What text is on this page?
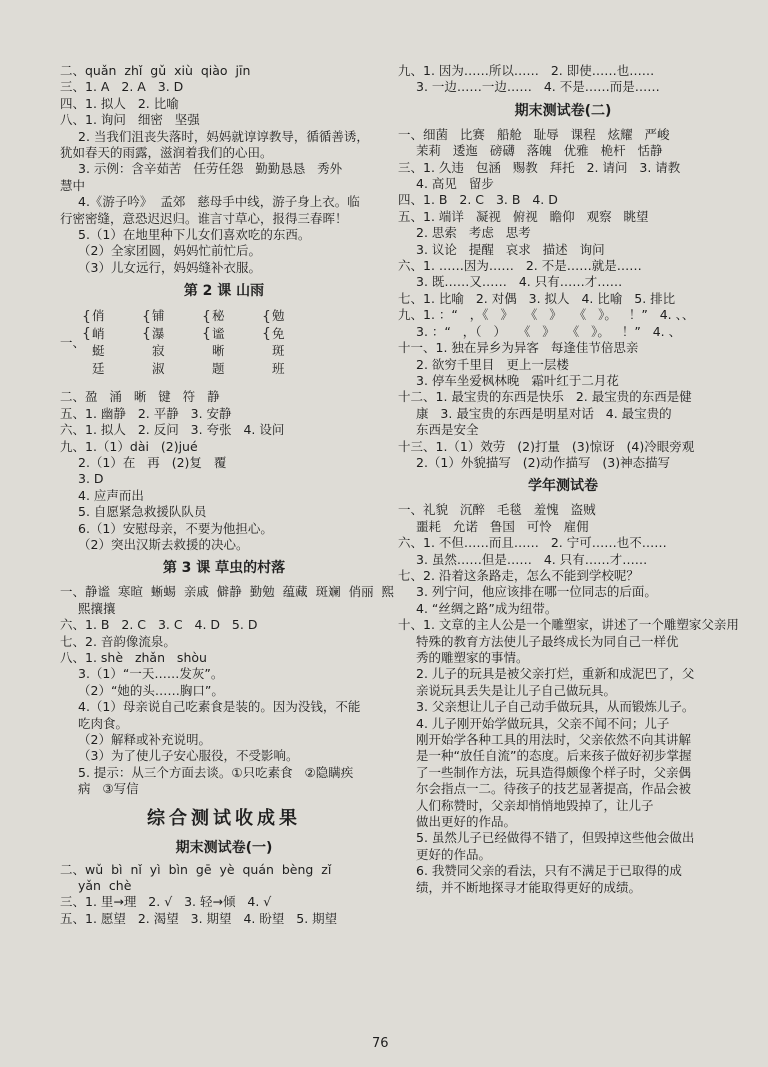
二、quǎn  zhǐ  gǔ  xiù  qiào  jīn
三、1. A   2. A   3. D
四、1. 拟人   2. 比喻
八、1. 询问   细密   坚强
2. 当我们沮丧失落时，妈妈就谆谆教导，循循善诱，
犹如春天的雨露，滋润着我们的心田。
3. 示例：含辛茹苦   任劳任怨   勤勤恳恳   秀外
慧中
4.《游子吟》  孟郊   慈母手中线，游子身上衣。临
行密密缝，意恐迟迟归。谁言寸草心，报得三春晖！
5.（1）在地里种下儿女们喜欢吃的东西。
（2）全家团圆，妈妈忙前忙后。
（3）儿女远行，妈妈缝补衣服。
第 2 课 山雨
一、
{
{
俏
峭
蜓
廷
{
{
铺
瀑
寂
淑
{
{
秘
谧
晰
题
{
{
勉
免
斑
班
二、盈   涌   晰   键   符   静
五、1. 幽静   2. 平静   3. 安静
六、1. 拟人   2. 反问   3. 夸张   4. 设问
九、1.（1）dài   (2)jué
2.（1）在   再   (2)复   覆
3. D
4. 应声而出
5. 自愿紧急救援队队员
6.（1）安慰母亲，不要为他担心。
（2）突出汉斯去救援的决心。
第 3 课 草虫的村落
一、静谧  寒暄  蜥蜴  亲戚  僻静  勤勉  蕴藏  斑斓  俏丽  熙
熙攘攘
六、1. B   2. C   3. C   4. D   5. D
七、2. 音韵像流泉。
八、1. shè   zhǎn   shòu
3.（1）“一天……发灰”。
（2）“她的头……胸口”。
4.（1）母亲说自己吃素食是装的。因为没钱，不能
吃肉食。
（2）解释或补充说明。
（3）为了使儿子安心服役，不受影响。
5. 提示：从三个方面去谈。①只吃素食   ②隐瞒疾
病   ③写信
综合测试收成果
期末测试卷(一)
二、wǔ  bì  nǐ  yì  bìn  gē  yè  quán  bèng  zǐ
yǎn  chè
三、1. 里→理   2. √   3. 轻→倾   4. √
五、1. 愿望   2. 渴望   3. 期望   4. 盼望   5. 期望
九、1. 因为……所以……   2. 即使……也……
3. 一边……一边……   4. 不是……而是……
期末测试卷(二)
一、细菌   比赛   船舱   耻辱   课程   炫耀   严峻
茉莉   逶迤   磅礴   落魄   优雅   桅杆   恬静
三、1. 久违   包涵   赐教   拜托   2. 请问   3. 请教
4. 高见   留步
四、1. B   2. C   3. B   4. D
五、1. 端详   凝视   俯视   瞻仰   观察   眺望
2. 思索   考虑   思考
3. 议论   提醒   哀求   描述   询问
六、1. ……因为……   2. 不是……就是……
3. 既……又……   4. 只有……才……
七、1. 比喻   2. 对偶   3. 拟人   4. 比喻   5. 排比
九、1. ：“   ，《   》   《   》   《   》。   ！”   4. 、、
3. ：“   ，（   ）   《   》   《   》。   ！”   4. 、
十一、1. 独在异乡为异客   每逢佳节倍思亲
2. 欲穷千里目   更上一层楼
3. 停车坐爱枫林晚   霜叶红于二月花
十二、1. 最宝贵的东西是快乐   2. 最宝贵的东西是健
康   3. 最宝贵的东西是明星对话   4. 最宝贵的
东西是安全
十三、1.（1）效劳   (2)打量   (3)惊讶   (4)冷眼旁观
2.（1）外貌描写   (2)动作描写   (3)神态描写
学年测试卷
一、礼貌   沉醉   毛毯   羞愧   盗贼
噩耗   允诺   鲁国   可怜   雇佣
六、1. 不但……而且……   2. 宁可……也不……
3. 虽然……但是……   4. 只有……才……
七、2. 沿着这条路走，怎么不能到学校呢？
3. 列宁问，他应该排在哪一位同志的后面。
4. “丝绸之路”成为纽带。
十、1. 文章的主人公是一个雕塑家，讲述了一个雕塑家父亲用
特殊的教育方法使儿子最终成长为同自己一样优
秀的雕塑家的事情。
2. 儿子的玩具是被父亲打烂，重新和成泥巴了，父
亲说玩具丢失是让儿子自己做玩具。
3. 父亲想让儿子自己动手做玩具，从而锻炼儿子。
4. 儿子刚开始学做玩具，父亲不闻不问；儿子
刚开始学各种工具的用法时，父亲依然不向其讲解
是一种“放任自流”的态度。后来孩子做好初步掌握
了一些制作方法，玩具造得颇像个样子时，父亲偶
尔会指点一二。待孩子的技艺显著提高，作品会被
人们称赞时，父亲却悄悄地毁掉了，让儿子
做出更好的作品。
5. 虽然儿子已经做得不错了，但毁掉这些他会做出
更好的作品。
6. 我赞同父亲的看法，只有不满足于已取得的成
绩，并不断地探寻才能取得更好的成绩。
76
